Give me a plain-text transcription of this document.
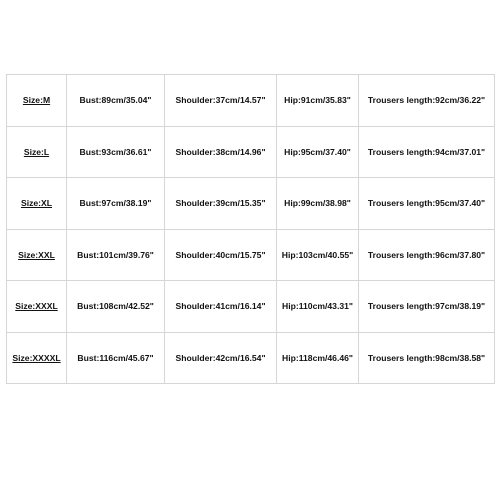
Size:M	Bust:89cm/35.04"	Shoulder:37cm/14.57"	Hip:91cm/35.83"	Trousers length:92cm/36.22"
Size:L	Bust:93cm/36.61"	Shoulder:38cm/14.96"	Hip:95cm/37.40"	Trousers length:94cm/37.01"
Size:XL	Bust:97cm/38.19"	Shoulder:39cm/15.35"	Hip:99cm/38.98"	Trousers length:95cm/37.40"
Size:XXL	Bust:101cm/39.76"	Shoulder:40cm/15.75"	Hip:103cm/40.55"	Trousers length:96cm/37.80"
Size:XXXL	Bust:108cm/42.52"	Shoulder:41cm/16.14"	Hip:110cm/43.31"	Trousers length:97cm/38.19"
Size:XXXXL	Bust:116cm/45.67"	Shoulder:42cm/16.54"	Hip:118cm/46.46"	Trousers length:98cm/38.58"
